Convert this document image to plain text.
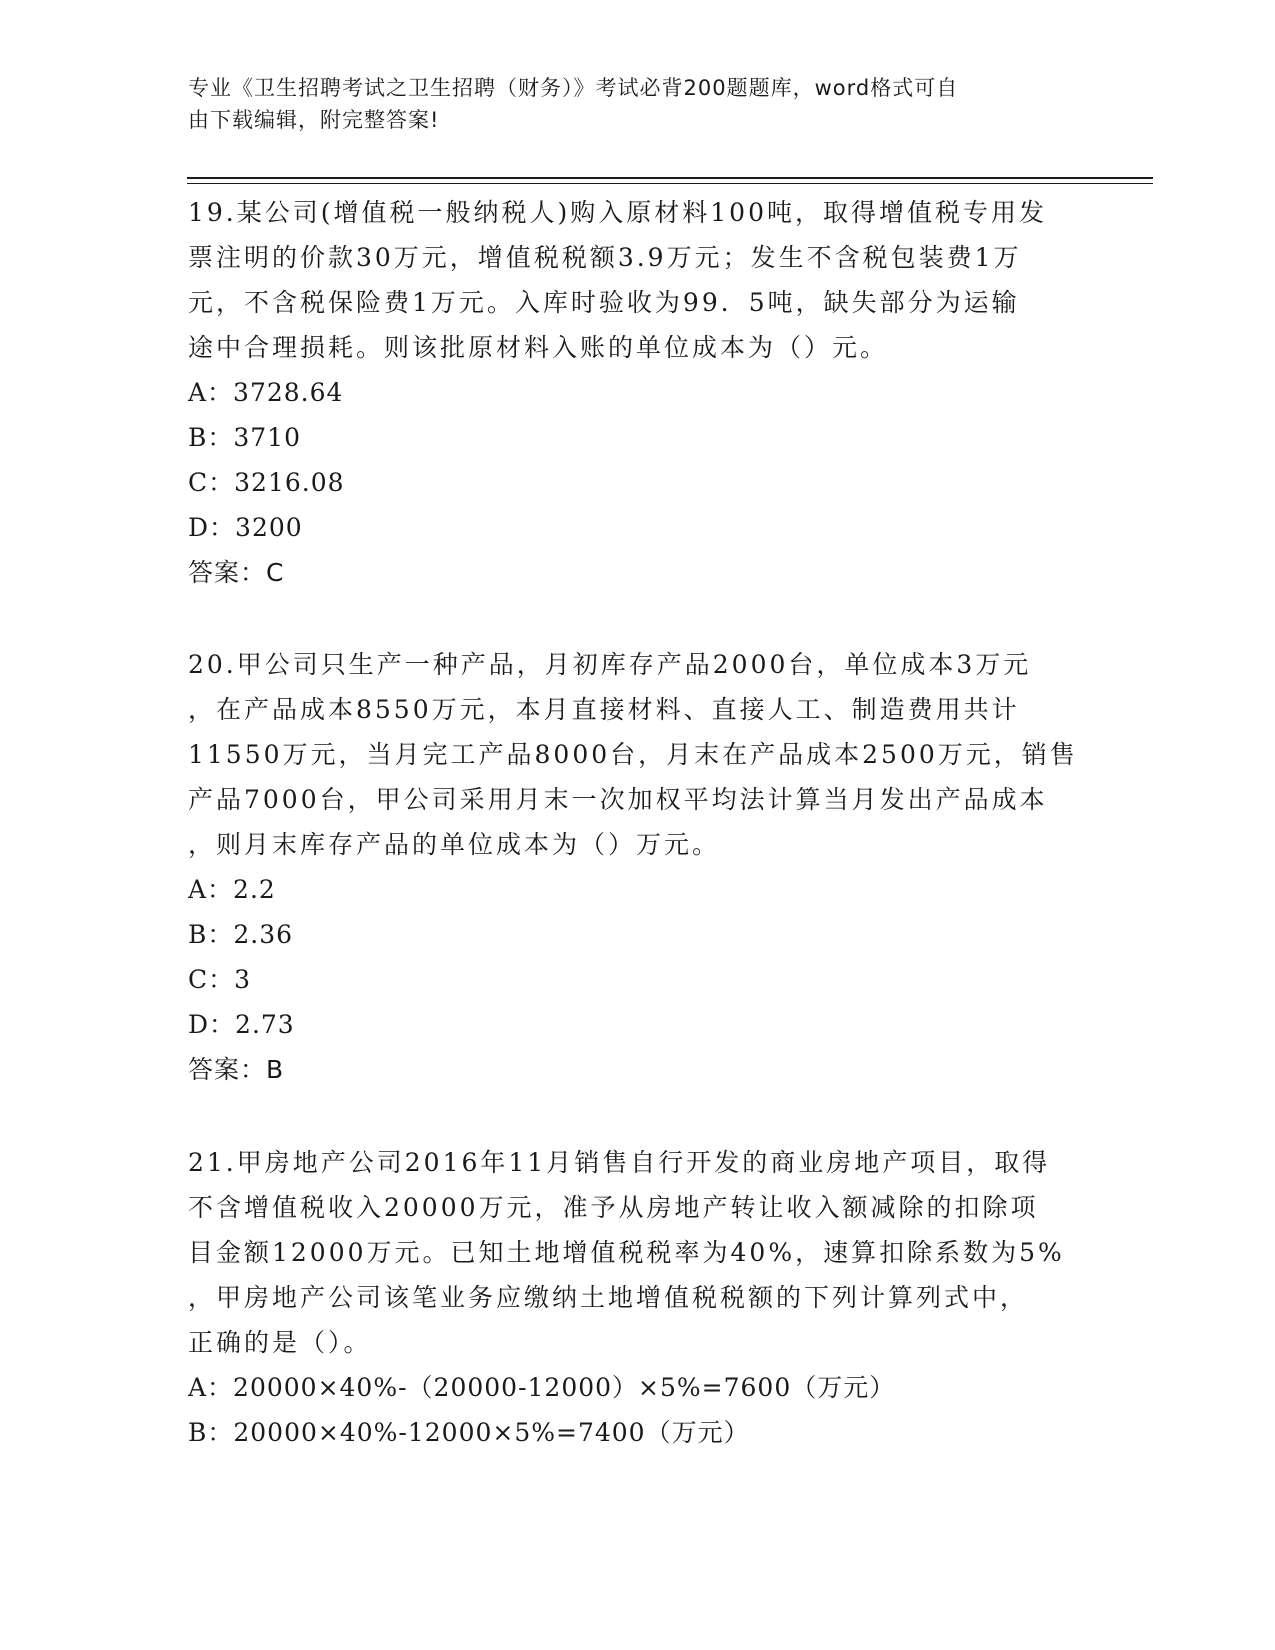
专业《卫生招聘考试之卫生招聘（财务）》考试必背200题题库，word格式可自
由下载编辑，附完整答案!

19.某公司(增值税一般纳税人)购入原材料100吨，取得增值税专用发

票注明的价款30万元，增值税税额3.9万元；发生不含税包装费1万

元，不含税保险费1万元。入库时验收为99．5吨，缺失部分为运输

途中合理损耗。则该批原材料入账的单位成本为（）元。

A：3728.64

B：3710

C：3216.08

D：3200

答案：C

20.甲公司只生产一种产品，月初库存产品2000台，单位成本3万元

，在产品成本8550万元，本月直接材料、直接人工、制造费用共计

11550万元，当月完工产品8000台，月末在产品成本2500万元，销售

产品7000台，甲公司采用月末一次加权平均法计算当月发出产品成本

，则月末库存产品的单位成本为（）万元。

A：2.2

B：2.36

C：3

D：2.73

答案：B

21.甲房地产公司2016年11月销售自行开发的商业房地产项目，取得

不含增值税收入20000万元，准予从房地产转让收入额减除的扣除项

目金额12000万元。已知土地增值税税率为40%，速算扣除系数为5%

，甲房地产公司该笔业务应缴纳土地增值税税额的下列计算列式中，

正确的是（）。

A：20000×40%-（20000-12000）×5%=7600（万元）

B：20000×40%-12000×5%=7400（万元）
